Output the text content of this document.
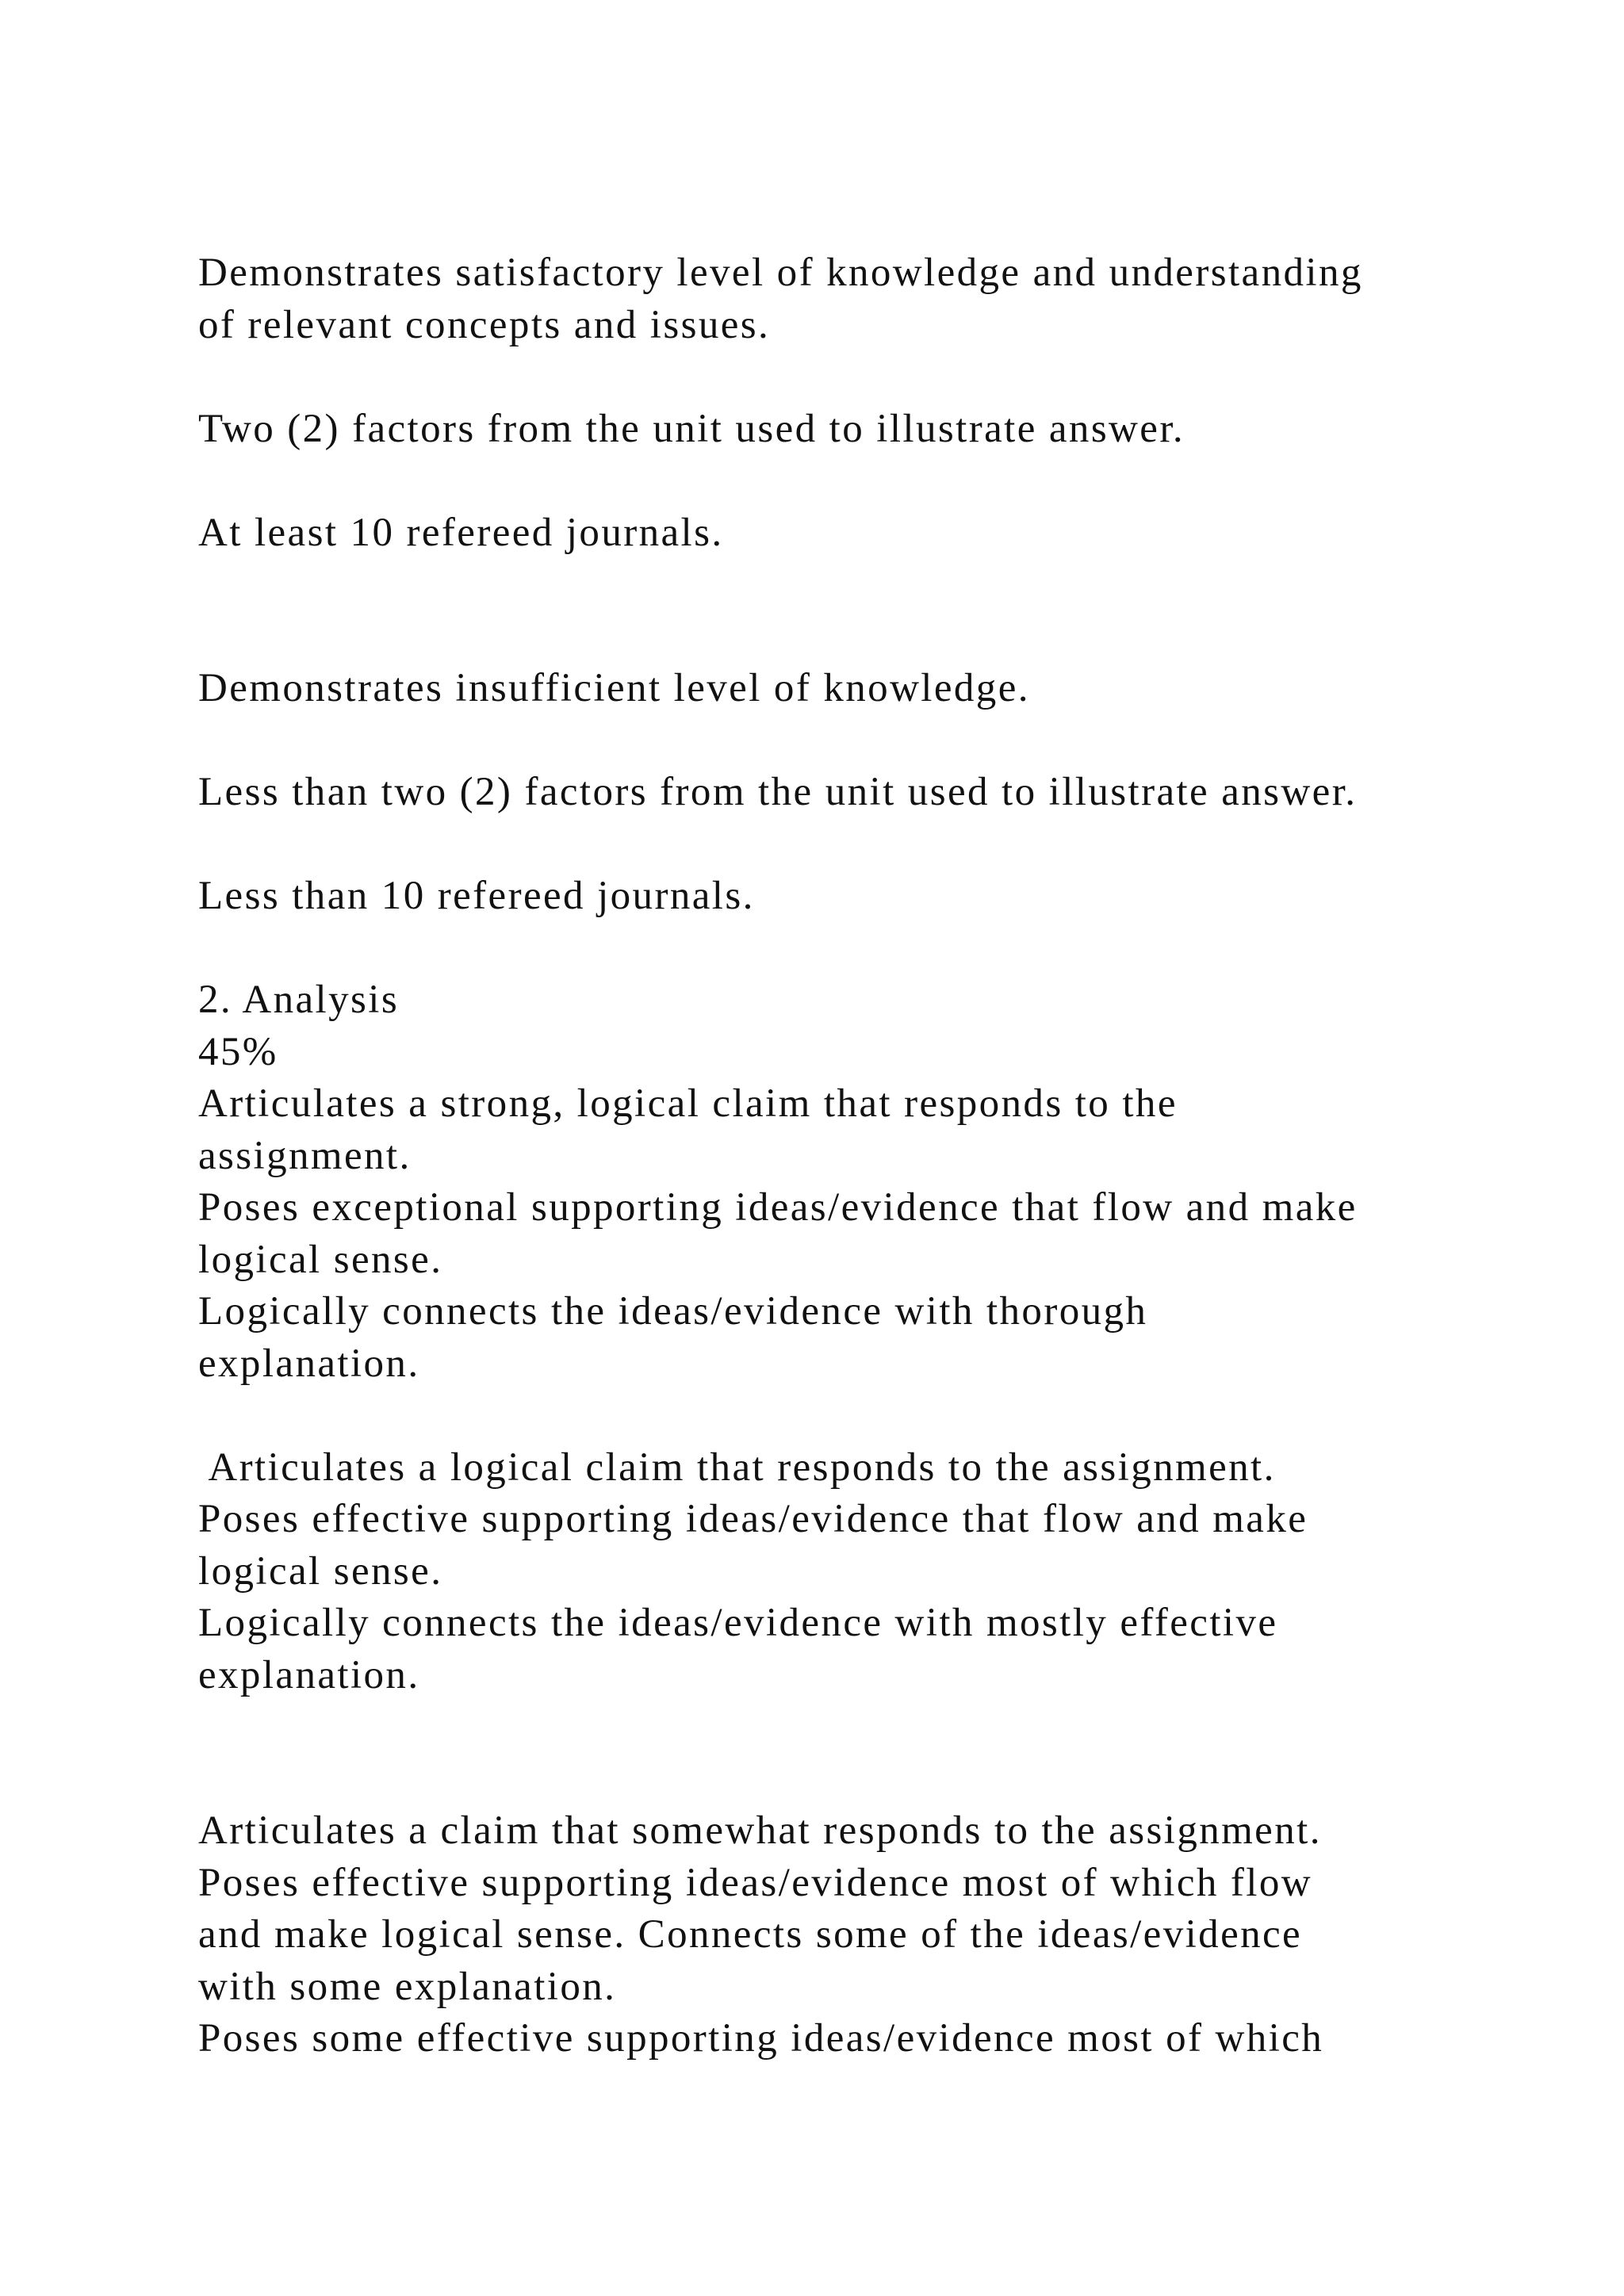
Demonstrates satisfactory level of knowledge and understanding
of relevant concepts and issues.
Two (2) factors from the unit used to illustrate answer.
At least 10 refereed journals.
Demonstrates insufficient level of knowledge.
Less than two (2) factors from the unit used to illustrate answer.
Less than 10 refereed journals.
2. Analysis
45%
Articulates a strong, logical claim that responds to the
assignment.
Poses exceptional supporting ideas/evidence that flow and make
logical sense.
Logically connects the ideas/evidence with thorough
explanation.
Articulates a logical claim that responds to the assignment.
Poses effective supporting ideas/evidence that flow and make
logical sense.
Logically connects the ideas/evidence with mostly effective
explanation.
Articulates a claim that somewhat responds to the assignment.
Poses effective supporting ideas/evidence most of which flow
and make logical sense. Connects some of the ideas/evidence
with some explanation.
Poses some effective supporting ideas/evidence most of which
